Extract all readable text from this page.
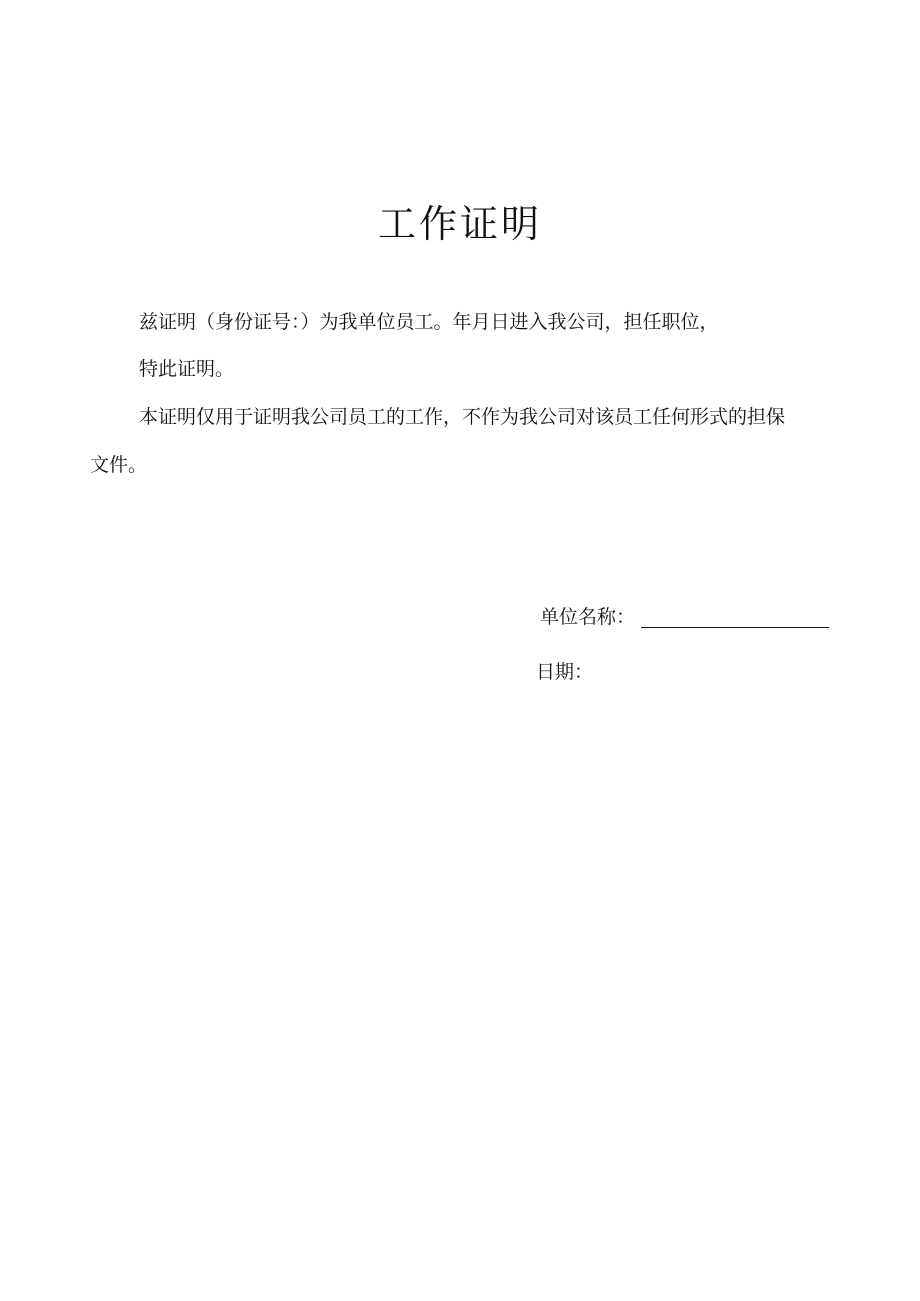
工作证明
兹证明（身份证号：）为我单位员工。年月日进入我公司，担任职位，
特此证明。
本证明仅用于证明我公司员工的工作，不作为我公司对该员工任何形式的担保
文件。
单位名称：
日期：
